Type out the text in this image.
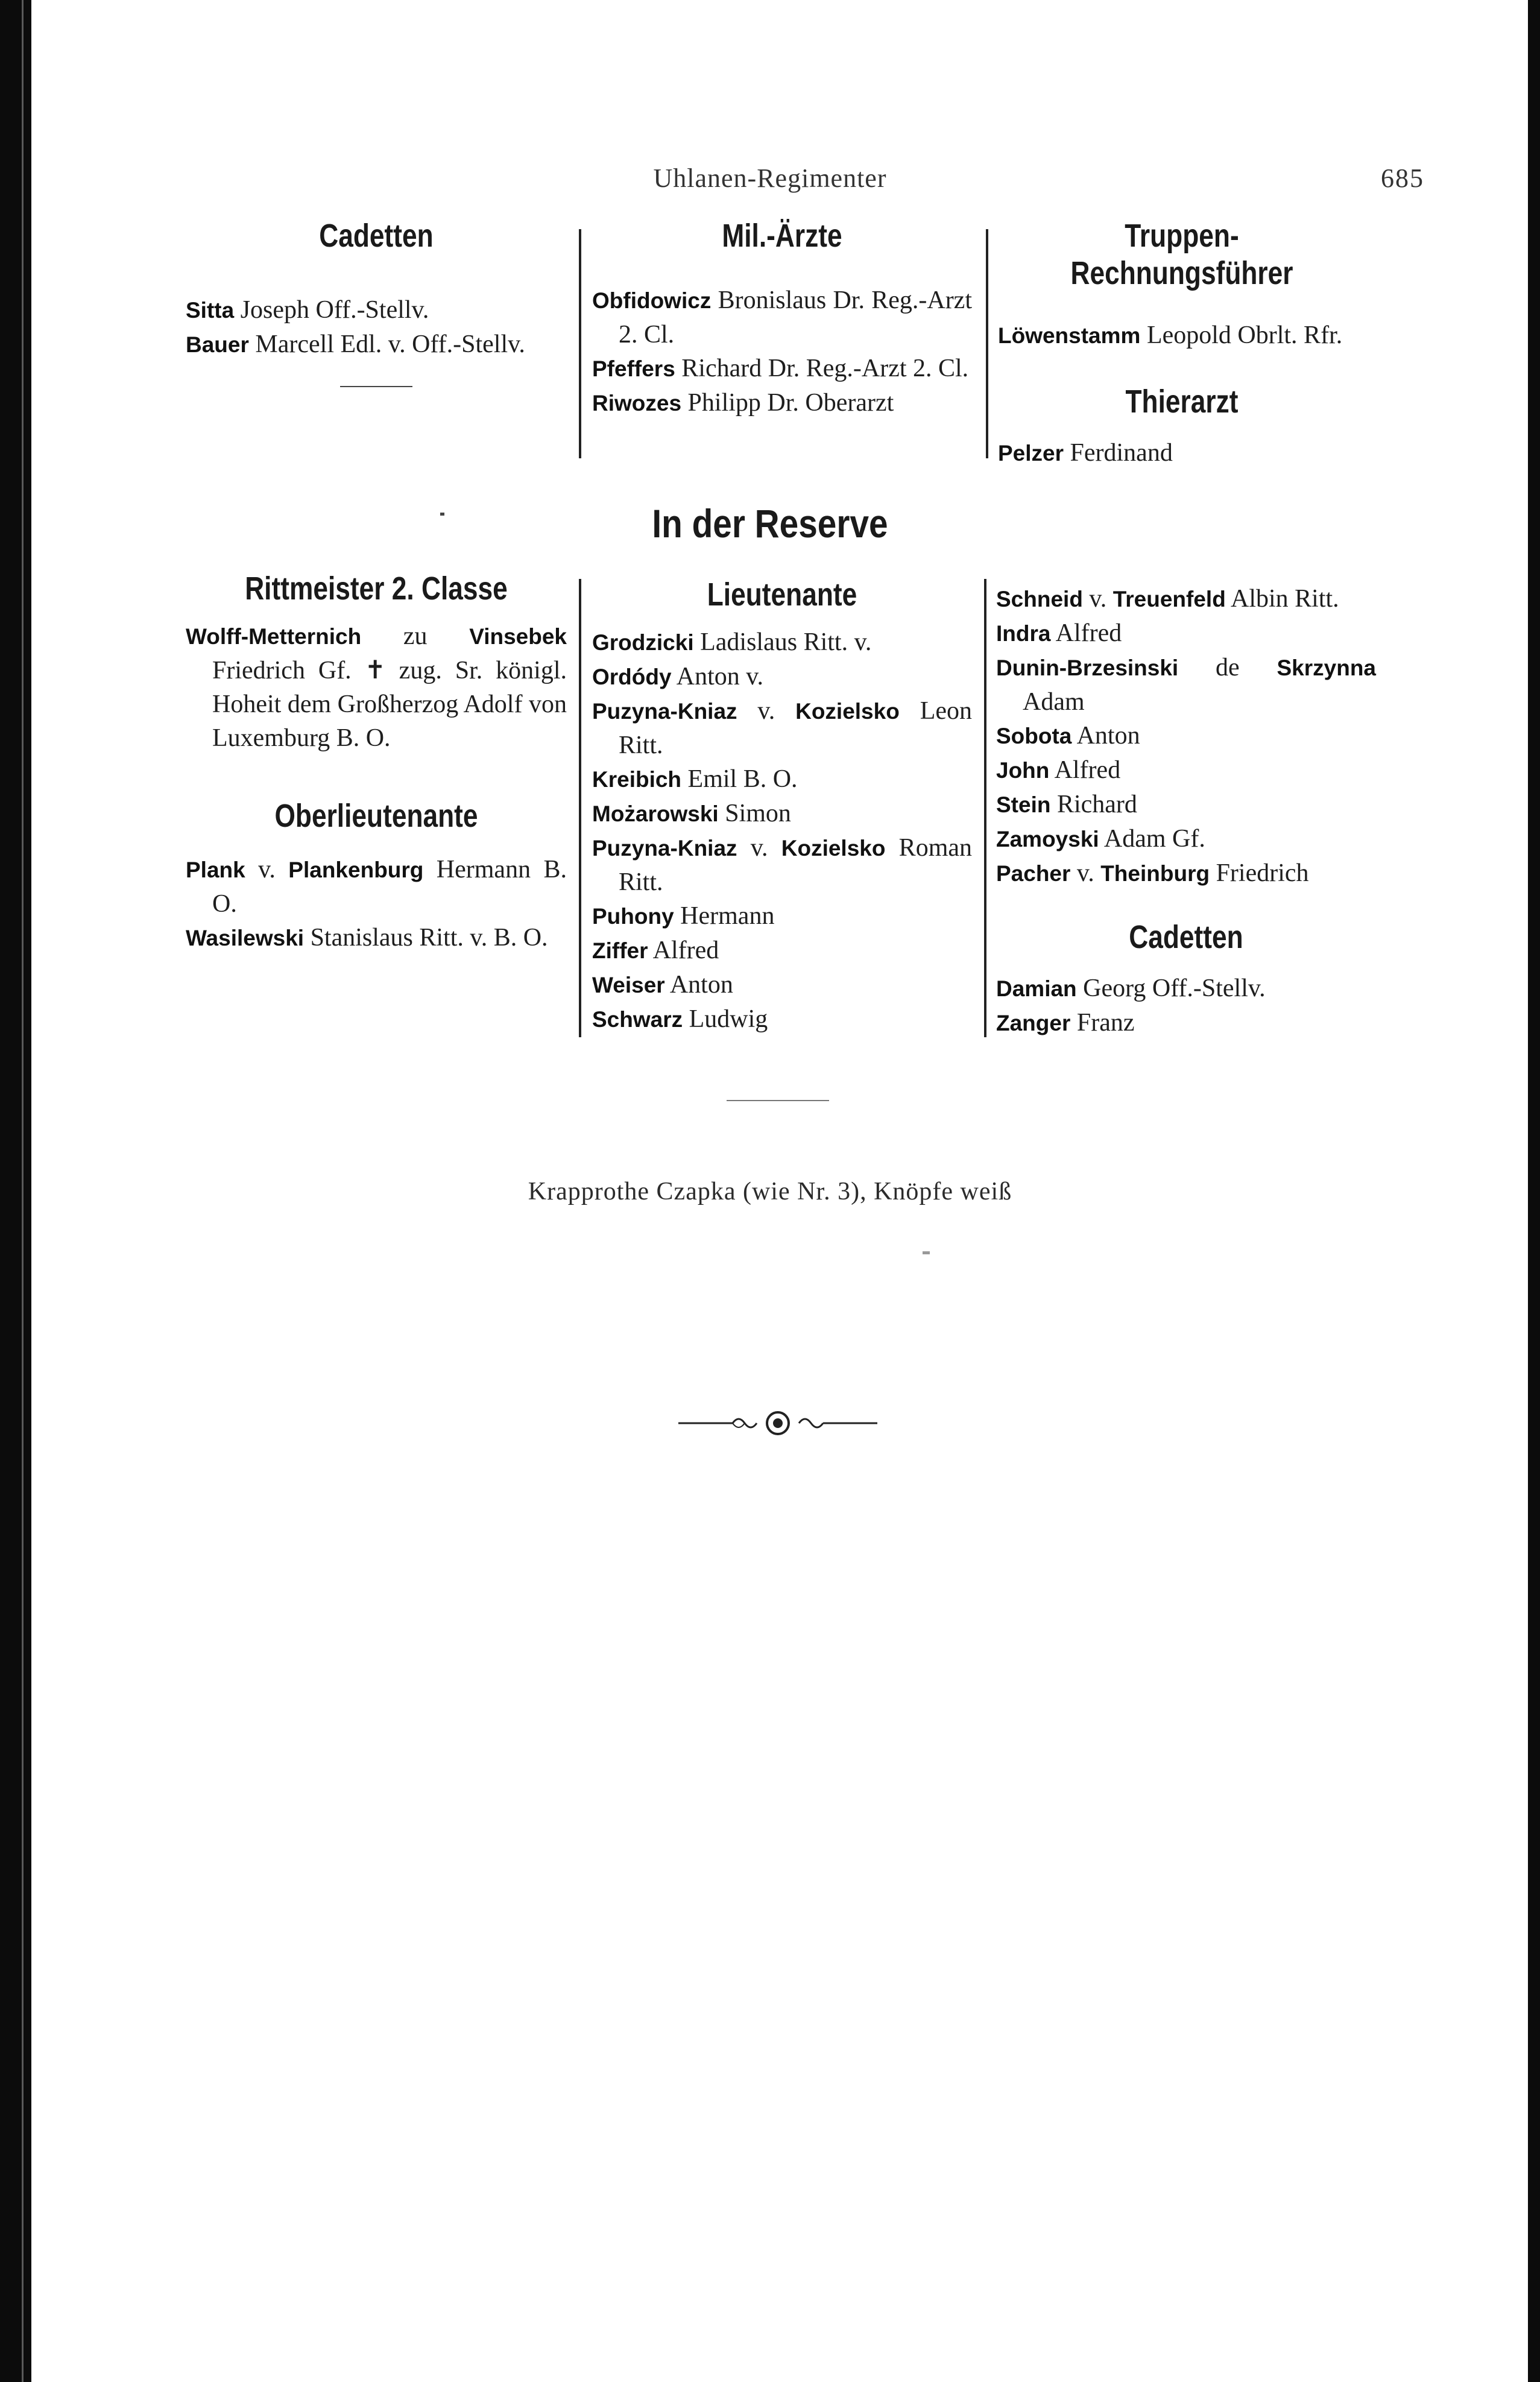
Uhlanen-Regimenter	685
Cadetten

Sitta Joseph Off.-Stellv.

Bauer Marcell Edl. v. Off.-Stellv.

Mil.-Ärzte

Obfidowicz Bronislaus Dr. Reg.-Arzt 2. Cl.

Pfeffers Richard Dr. Reg.-Arzt 2. Cl.

Riwozes Philipp Dr. Oberarzt

Truppen-Rechnungsführer

Löwenstamm Leopold Obrlt. Rfr.

Thierarzt

Pelzer Ferdinand

In der Reserve
Rittmeister 2. Classe

Wolff-Metternich zu Vinsebek Friedrich Gf. ✝ zug. Sr. königl. Hoheit dem Großherzog Adolf von Luxemburg B. O.

Oberlieutenante

Plank v. Plankenburg Hermann B. O.

Wasilewski Stanislaus Ritt. v. B. O.

Lieutenante

Grodzicki Ladislaus Ritt. v.

Ordódy Anton v.

Puzyna-Kniaz v. Kozielsko Leon Ritt.

Kreibich Emil B. O.

Możarowski Simon

Puzyna-Kniaz v. Kozielsko Roman Ritt.

Puhony Hermann

Ziffer Alfred

Weiser Anton

Schwarz Ludwig

Schneid v. Treuenfeld Albin Ritt.

Indra Alfred

Dunin-Brzesinski de Skrzynna Adam

Sobota Anton

John Alfred

Stein Richard

Zamoyski Adam Gf.

Pacher v. Theinburg Friedrich

Cadetten

Damian Georg Off.-Stellv.

Zanger Franz

Krapprothe Czapka (wie Nr. 3), Knöpfe weiß
